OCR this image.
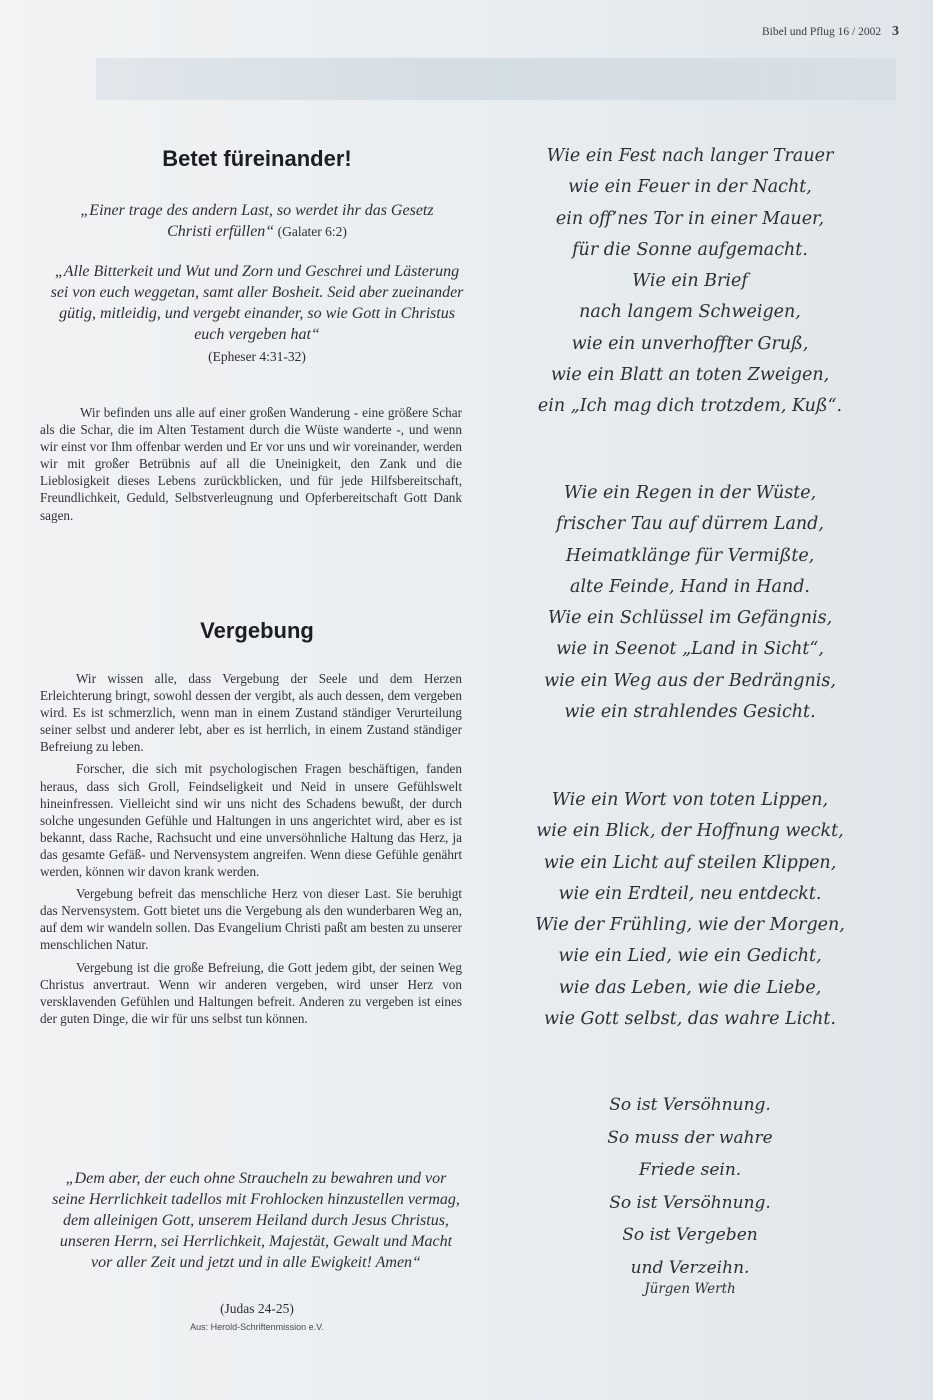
Bibel und Pflug 16 / 2002 3
Betet füreinander!

„Einer trage des andern Last, so werdet ihr das Gesetz Christi erfüllen“ (Galater 6:2)

„Alle Bitterkeit und Wut und Zorn und Geschrei und Lästerung sei von euch weggetan, samt aller Bosheit. Seid aber zueinander gütig, mitleidig, und vergebt einander, so wie Gott in Christus euch vergeben hat“

(Epheser 4:31-32)

Wir befinden uns alle auf einer großen Wanderung - eine größere Schar als die Schar, die im Alten Testament durch die Wüste wanderte -, und wenn wir einst vor Ihm offenbar werden und Er vor uns und wir voreinander, werden wir mit großer Betrübnis auf all die Uneinigkeit, den Zank und die Lieblosigkeit dieses Lebens zurückblicken, und für jede Hilfsbereitschaft, Freundlichkeit, Geduld, Selbstverleugnung und Opferbereitschaft Gott Dank sagen.

Vergebung

Wir wissen alle, dass Vergebung der Seele und dem Herzen Erleichterung bringt, sowohl dessen der vergibt, als auch dessen, dem vergeben wird. Es ist schmerzlich, wenn man in einem Zustand ständiger Verurteilung seiner selbst und anderer lebt, aber es ist herrlich, in einem Zustand ständiger Befreiung zu leben.

Forscher, die sich mit psychologischen Fragen beschäftigen, fanden heraus, dass sich Groll, Feindseligkeit und Neid in unsere Gefühlswelt hineinfressen. Vielleicht sind wir uns nicht des Schadens bewußt, der durch solche ungesunden Gefühle und Haltungen in uns angerichtet wird, aber es ist bekannt, dass Rache, Rachsucht und eine unversöhnliche Haltung das Herz, ja das gesamte Gefäß- und Nervensystem angreifen. Wenn diese Gefühle genährt werden, können wir davon krank werden.

Vergebung befreit das menschliche Herz von dieser Last. Sie beruhigt das Nervensystem. Gott bietet uns die Vergebung als den wunderbaren Weg an, auf dem wir wandeln sollen. Das Evangelium Christi paßt am besten zu unserer menschlichen Natur.

Vergebung ist die große Befreiung, die Gott jedem gibt, der seinen Weg Christus anvertraut. Wenn wir anderen vergeben, wird unser Herz von versklavenden Gefühlen und Haltungen befreit. Anderen zu vergeben ist eines der guten Dinge, die wir für uns selbst tun können.

„Dem aber, der euch ohne Straucheln zu bewahren und vor seine Herrlichkeit tadellos mit Frohlocken hinzustellen vermag, dem alleinigen Gott, unserem Heiland durch Jesus Christus, unseren Herrn, sei Herrlichkeit, Majestät, Gewalt und Macht vor aller Zeit und jetzt und in alle Ewigkeit! Amen“

(Judas 24-25)
Aus: Herold-Schriftenmission e.V.
Wie ein Fest nach langer Trauer
wie ein Feuer in der Nacht,
ein off’nes Tor in einer Mauer,
für die Sonne aufgemacht.
Wie ein Brief
nach langem Schweigen,
wie ein unverhoffter Gruß,
wie ein Blatt an toten Zweigen,
ein „Ich mag dich trotzdem, Kuß“.
Wie ein Regen in der Wüste,
frischer Tau auf dürrem Land,
Heimatklänge für Vermißte,
alte Feinde, Hand in Hand.
Wie ein Schlüssel im Gefängnis,
wie in Seenot „Land in Sicht“,
wie ein Weg aus der Bedrängnis,
wie ein strahlendes Gesicht.
Wie ein Wort von toten Lippen,
wie ein Blick, der Hoffnung weckt,
wie ein Licht auf steilen Klippen,
wie ein Erdteil, neu entdeckt.
Wie der Frühling, wie der Morgen,
wie ein Lied, wie ein Gedicht,
wie das Leben, wie die Liebe,
wie Gott selbst, das wahre Licht.
So ist Versöhnung.
So muss der wahre
Friede sein.
So ist Versöhnung.
So ist Vergeben
und Verzeihn.
Jürgen Werth
